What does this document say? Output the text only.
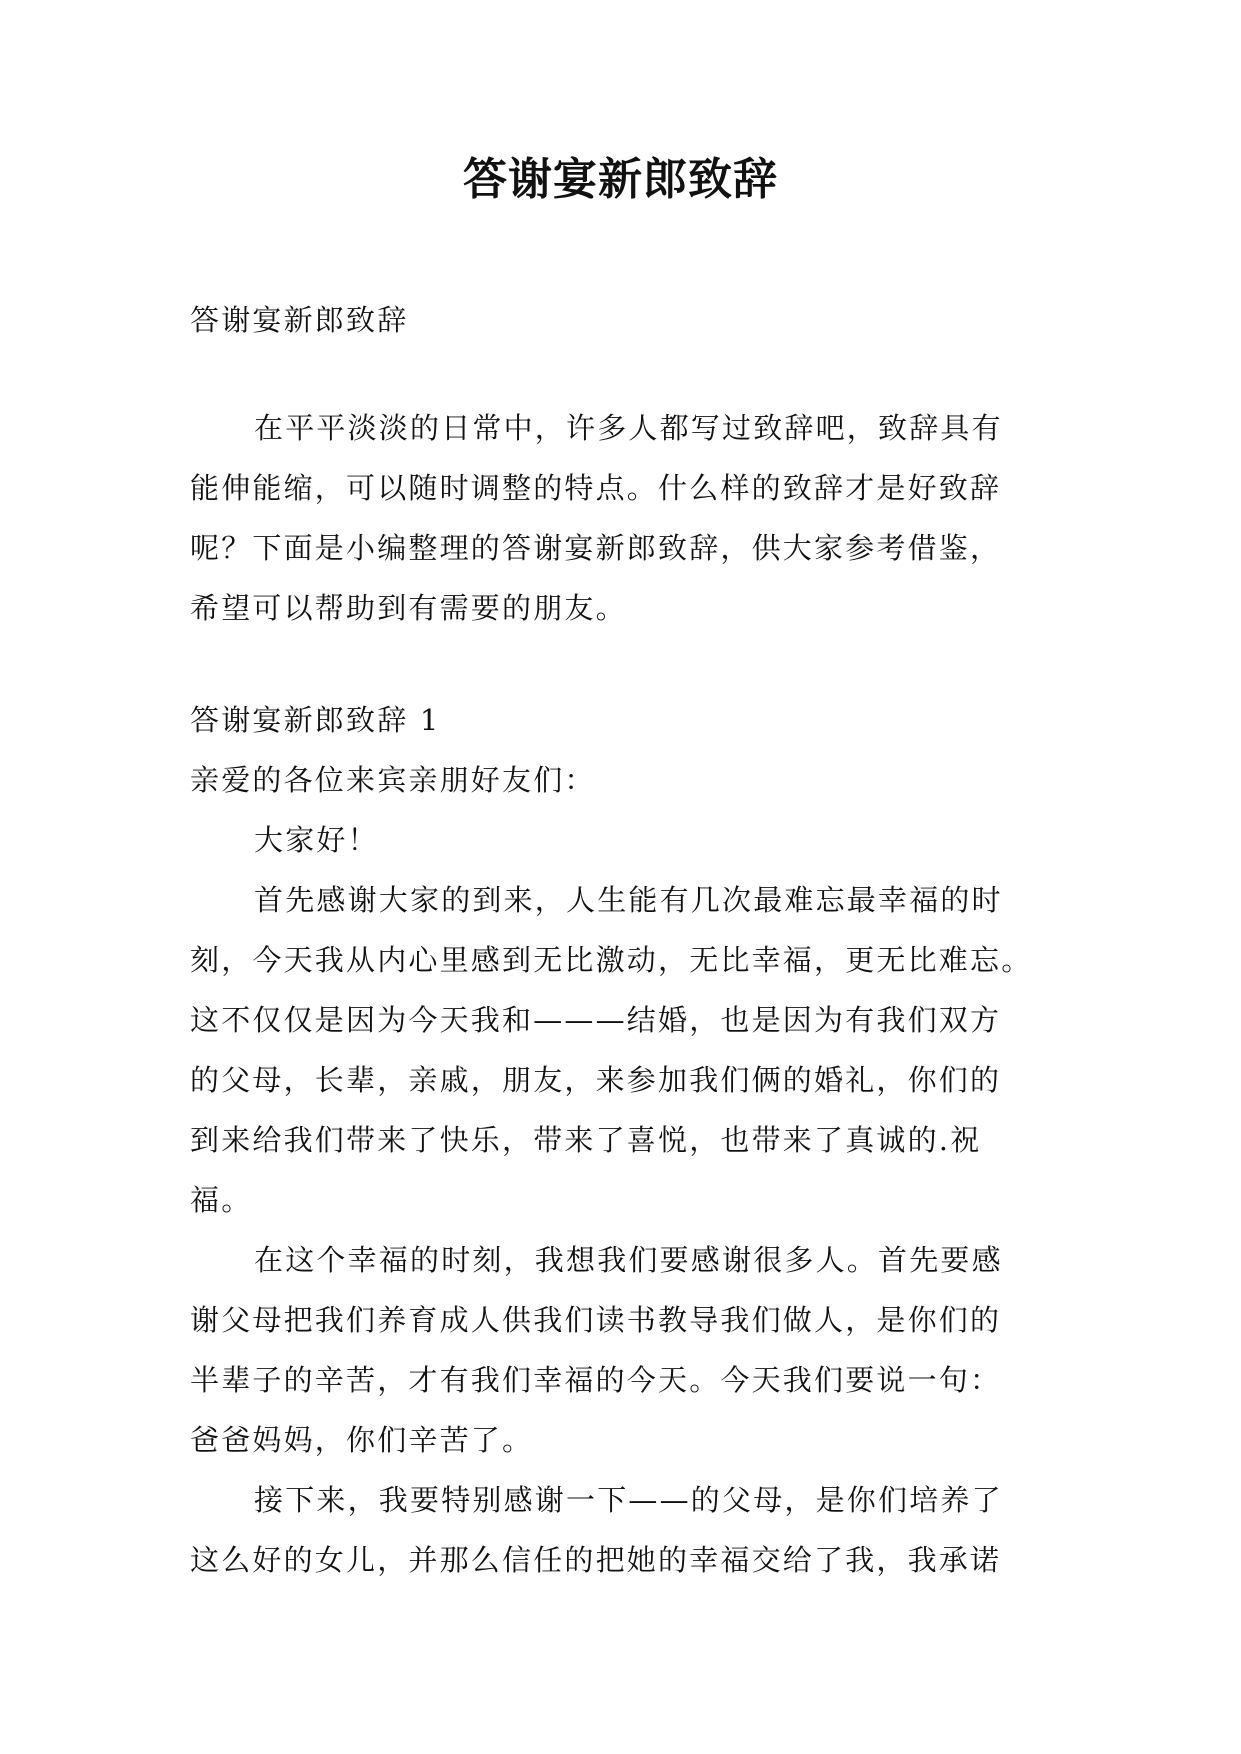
答谢宴新郎致辞
答谢宴新郎致辞
在平平淡淡的日常中，许多人都写过致辞吧，致辞具有
能伸能缩，可以随时调整的特点。什么样的致辞才是好致辞
呢？下面是小编整理的答谢宴新郎致辞，供大家参考借鉴，
希望可以帮助到有需要的朋友。
答谢宴新郎致辞 1
亲爱的各位来宾亲朋好友们：
大家好！
首先感谢大家的到来，人生能有几次最难忘最幸福的时
刻，今天我从内心里感到无比激动，无比幸福，更无比难忘。
这不仅仅是因为今天我和———结婚，也是因为有我们双方
的父母，长辈，亲戚，朋友，来参加我们俩的婚礼，你们的
到来给我们带来了快乐，带来了喜悦，也带来了真诚的.祝
福。
在这个幸福的时刻，我想我们要感谢很多人。首先要感
谢父母把我们养育成人供我们读书教导我们做人，是你们的
半辈子的辛苦，才有我们幸福的今天。今天我们要说一句：
爸爸妈妈，你们辛苦了。
接下来，我要特别感谢一下——的父母，是你们培养了
这么好的女儿，并那么信任的把她的幸福交给了我，我承诺
